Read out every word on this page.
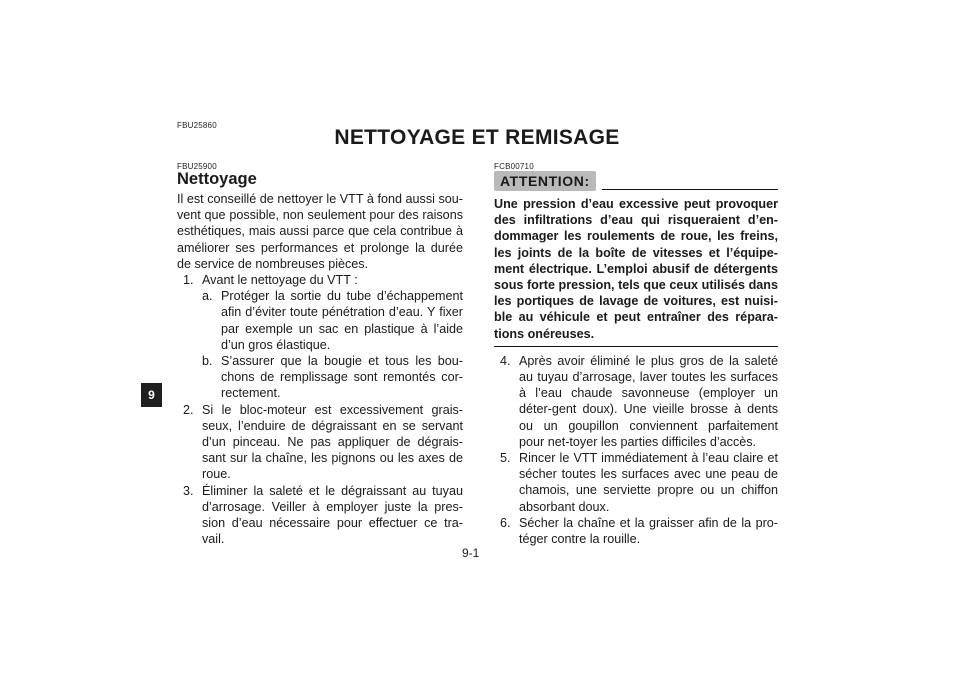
FBU25860
NETTOYAGE ET REMISAGE
9
FBU25900	FCB00710
Nettoyage
Il est conseillé de nettoyer le VTT à fond aussi sou-vent que possible, non seulement pour des raisons esthétiques, mais aussi parce que cela contribue à améliorer ses performances et prolonge la durée de service de nombreuses pièces.
1. Avant le nettoyage du VTT :
a. Protéger la sortie du tube d’échappement afin d’éviter toute pénétration d’eau. Y fixer par exemple un sac en plastique à l’aide d’un gros élastique.
b. S’assurer que la bougie et tous les bou-chons de remplissage sont remontés cor-rectement.
2. Si le bloc-moteur est excessivement grais-seux, l’enduire de dégraissant en se servant d’un pinceau. Ne pas appliquer de dégrais-sant sur la chaîne, les pignons ou les axes de roue.
3. Éliminer la saleté et le dégraissant au tuyau d’arrosage. Veiller à employer juste la pres-sion d’eau nécessaire pour effectuer ce tra-vail.
ATTENTION:
Une pression d’eau excessive peut provoquer des infiltrations d’eau qui risqueraient d’en-dommager les roulements de roue, les freins, les joints de la boîte de vitesses et l’équipe-ment électrique. L’emploi abusif de détergents sous forte pression, tels que ceux utilisés dans les portiques de lavage de voitures, est nuisi-ble au véhicule et peut entraîner des répara-tions onéreuses.
4. Après avoir éliminé le plus gros de la saleté au tuyau d’arrosage, laver toutes les surfaces à l’eau chaude savonneuse (employer un déter-gent doux). Une vieille brosse à dents ou un goupillon conviennent parfaitement pour net-toyer les parties difficiles d’accès.
5. Rincer le VTT immédiatement à l’eau claire et sécher toutes les surfaces avec une peau de chamois, une serviette propre ou un chiffon absorbant doux.
6. Sécher la chaîne et la graisser afin de la pro-téger contre la rouille.
9-1
